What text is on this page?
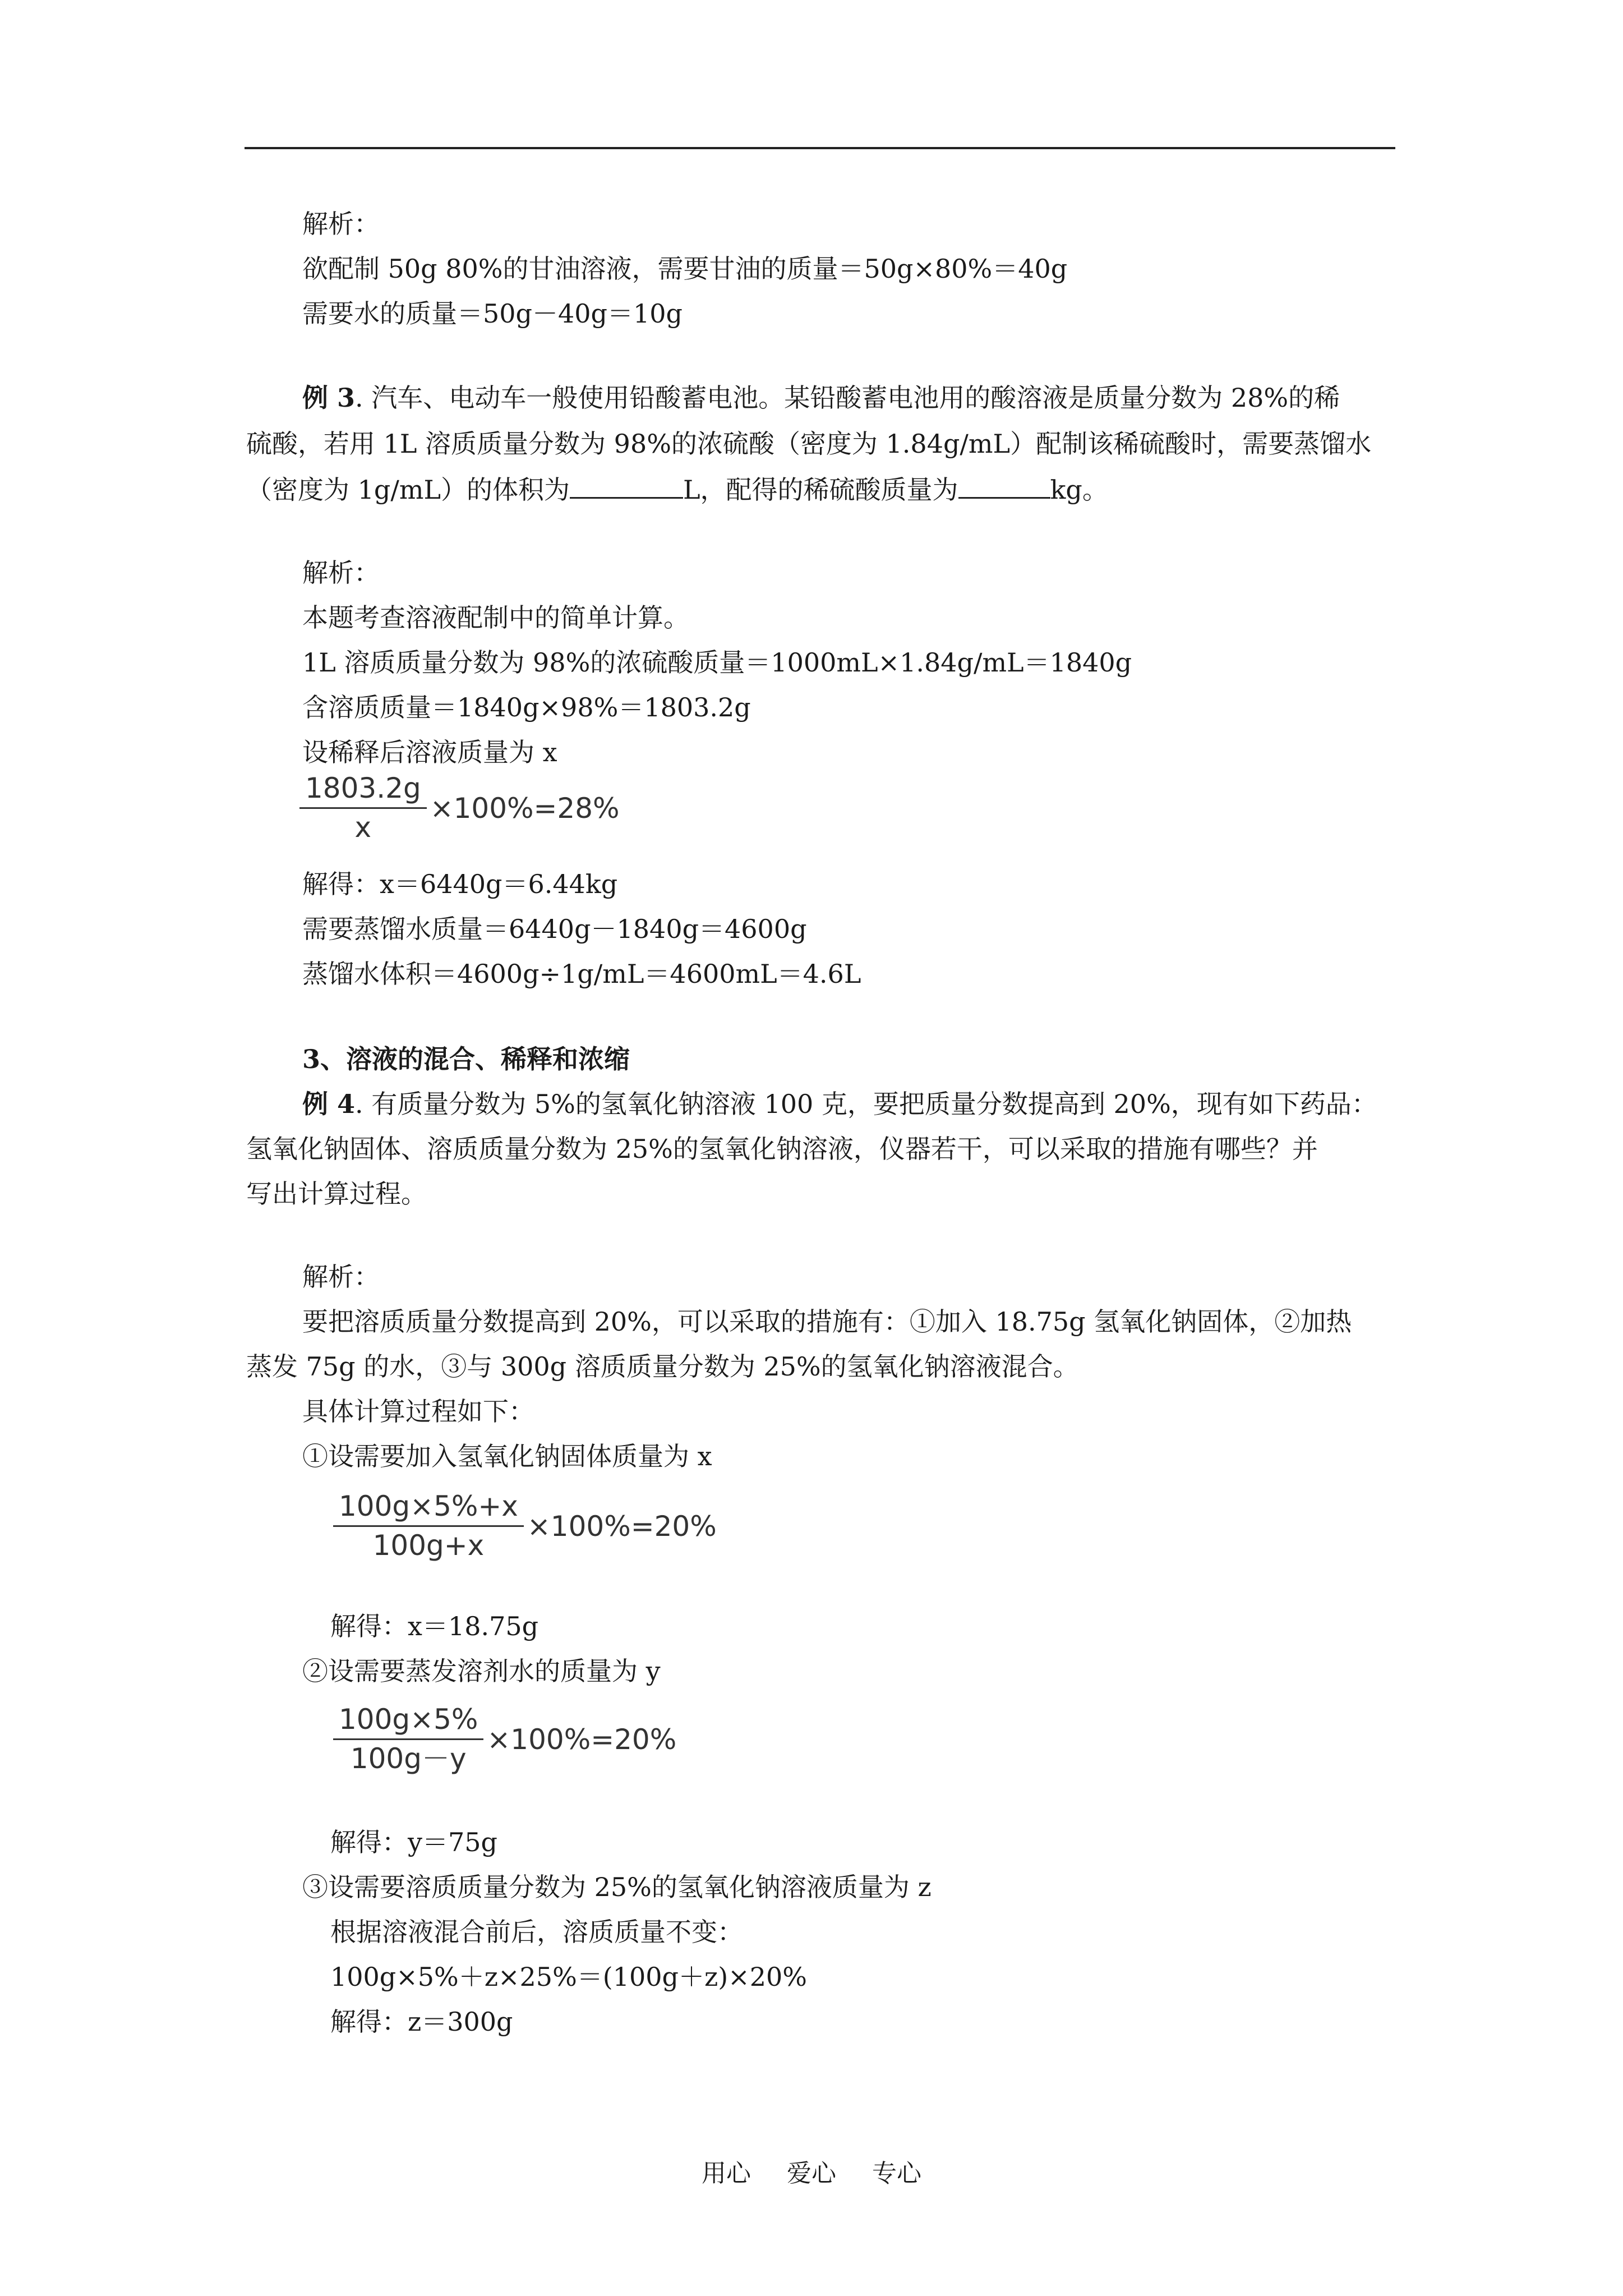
解析：
欲配制 50g 80%的甘油溶液，需要甘油的质量＝50g×80%＝40g
需要水的质量＝50g－40g＝10g
例 3. 汽车、电动车一般使用铅酸蓄电池。某铅酸蓄电池用的酸溶液是质量分数为 28%的稀
硫酸，若用 1L 溶质质量分数为 98%的浓硫酸（密度为 1.84g/mL）配制该稀硫酸时，需要蒸馏水
（密度为 1g/mL）的体积为	L，配得的稀硫酸质量为	kg。
解析：
本题考查溶液配制中的简单计算。
1L 溶质质量分数为 98%的浓硫酸质量＝1000mL×1.84g/mL＝1840g
含溶质质量＝1840g×98%＝1803.2g
设稀释后溶液质量为 x
$\frac{1803.2g}{x} \times 100\%=28\%$
解得：x＝6440g＝6.44kg
需要蒸馏水质量＝6440g－1840g＝4600g
蒸馏水体积＝4600g÷1g/mL＝4600mL＝4.6L
3、溶液的混合、稀释和浓缩
例 4. 有质量分数为 5%的氢氧化钠溶液 100 克，要把质量分数提高到 20%，现有如下药品：
氢氧化钠固体、溶质质量分数为 25%的氢氧化钠溶液，仪器若干，可以采取的措施有哪些？并
写出计算过程。
解析：
要把溶质质量分数提高到 20%，可以采取的措施有：①加入 18.75g 氢氧化钠固体，②加热
蒸发 75g 的水，③与 300g 溶质质量分数为 25%的氢氧化钠溶液混合。
具体计算过程如下：
①设需要加入氢氧化钠固体质量为 x
$\frac{100g\times 5\%+x}{100g+x} \times 100\%=20\%$
解得：x＝18.75g
②设需要蒸发溶剂水的质量为 y
$\frac{100g\times 5\%}{100g-y} \times 100\%=20\%$
解得：y＝75g
③设需要溶质质量分数为 25%的氢氧化钠溶液质量为 z
根据溶液混合前后，溶质质量不变：
100g×5%＋z×25%＝(100g＋z)×20%
解得：z＝300g
用心 爱心 专心
